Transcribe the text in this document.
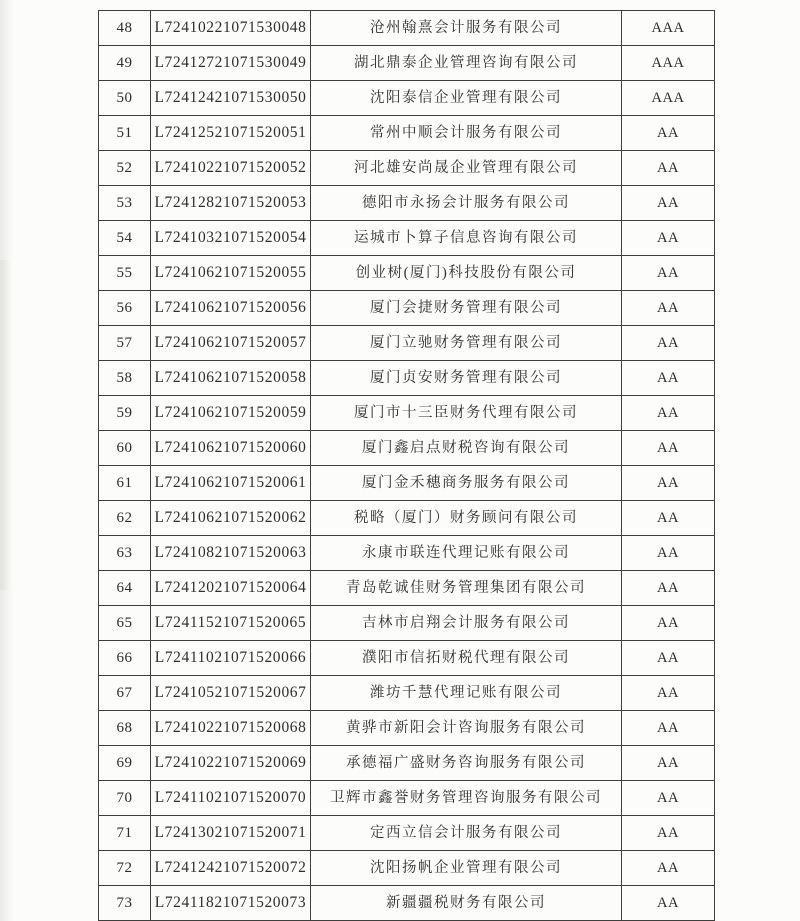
48	L72410221071530048	沧州翰熹会计服务有限公司	AAA
49	L72412721071530049	湖北鼎泰企业管理咨询有限公司	AAA
50	L72412421071530050	沈阳泰信企业管理有限公司	AAA
51	L72412521071520051	常州中顺会计服务有限公司	AA
52	L72410221071520052	河北雄安尚晟企业管理有限公司	AA
53	L72412821071520053	德阳市永扬会计服务有限公司	AA
54	L72410321071520054	运城市卜算子信息咨询有限公司	AA
55	L72410621071520055	创业树(厦门)科技股份有限公司	AA
56	L72410621071520056	厦门会捷财务管理有限公司	AA
57	L72410621071520057	厦门立驰财务管理有限公司	AA
58	L72410621071520058	厦门贞安财务管理有限公司	AA
59	L72410621071520059	厦门市十三臣财务代理有限公司	AA
60	L72410621071520060	厦门鑫启点财税咨询有限公司	AA
61	L72410621071520061	厦门金禾穗商务服务有限公司	AA
62	L72410621071520062	税略（厦门）财务顾问有限公司	AA
63	L72410821071520063	永康市联连代理记账有限公司	AA
64	L72412021071520064	青岛乾诚佳财务管理集团有限公司	AA
65	L72411521071520065	吉林市启翔会计服务有限公司	AA
66	L72411021071520066	濮阳市信拓财税代理有限公司	AA
67	L72410521071520067	潍坊千慧代理记账有限公司	AA
68	L72410221071520068	黄骅市新阳会计咨询服务有限公司	AA
69	L72410221071520069	承德福广盛财务咨询服务有限公司	AA
70	L72411021071520070	卫辉市鑫誉财务管理咨询服务有限公司	AA
71	L72413021071520071	定西立信会计服务有限公司	AA
72	L72412421071520072	沈阳扬帆企业管理有限公司	AA
73	L72411821071520073	新疆疆税财务有限公司	AA
